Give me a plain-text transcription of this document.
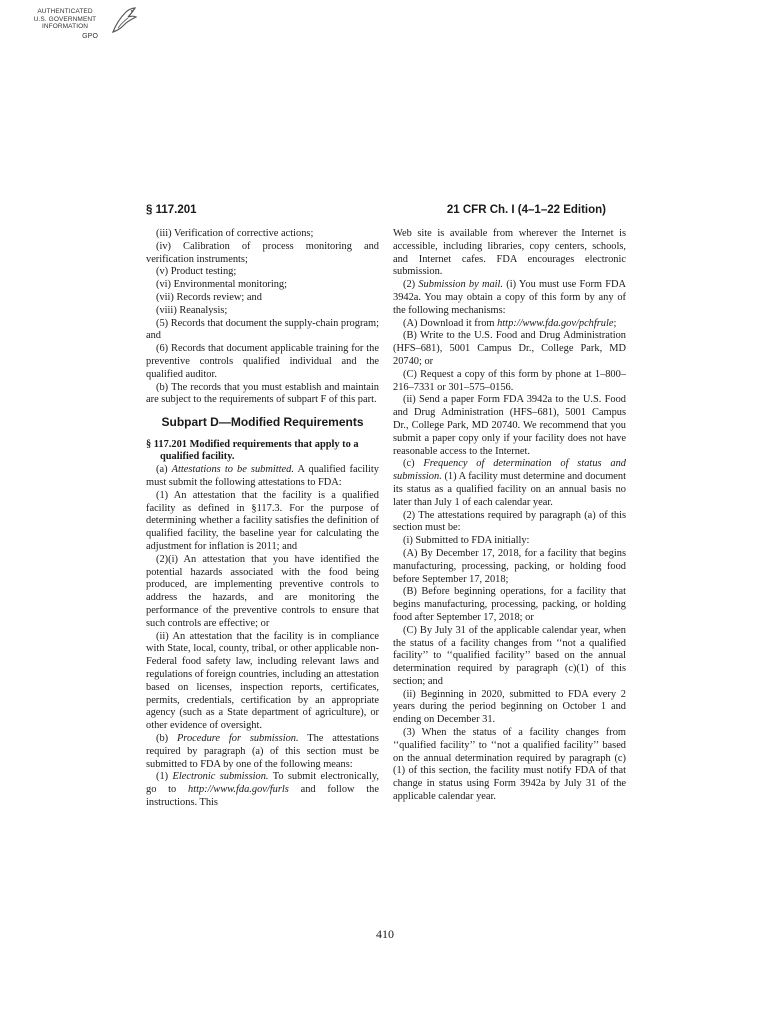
AUTHENTICATED
U.S. GOVERNMENT
INFORMATION
GPO
§ 117.201	21 CFR Ch. I (4–1–22 Edition)

(iii) Verification of corrective actions;

(iv) Calibration of process monitoring and verification instruments;

(v) Product testing;

(vi) Environmental monitoring;

(vii) Records review; and

(viii) Reanalysis;

(5) Records that document the supply-chain program; and

(6) Records that document applicable training for the preventive controls qualified individual and the qualified auditor.

(b) The records that you must establish and maintain are subject to the requirements of subpart F of this part.

Subpart D—Modified Requirements

§ 117.201 Modified requirements that apply to a qualified facility.

(a) Attestations to be submitted. A qualified facility must submit the following attestations to FDA:

(1) An attestation that the facility is a qualified facility as defined in §117.3. For the purpose of determining whether a facility satisfies the definition of qualified facility, the baseline year for calculating the adjustment for inflation is 2011; and

(2)(i) An attestation that you have identified the potential hazards associated with the food being produced, are implementing preventive controls to address the hazards, and are monitoring the performance of the preventive controls to ensure that such controls are effective; or

(ii) An attestation that the facility is in compliance with State, local, county, tribal, or other applicable non-Federal food safety law, including relevant laws and regulations of foreign countries, including an attestation based on licenses, inspection reports, certificates, permits, credentials, certification by an appropriate agency (such as a State department of agriculture), or other evidence of oversight.

(b) Procedure for submission. The attestations required by paragraph (a) of this section must be submitted to FDA by one of the following means:

(1) Electronic submission. To submit electronically, go to http://www.fda.gov/furls and follow the instructions. This

Web site is available from wherever the Internet is accessible, including libraries, copy centers, schools, and Internet cafes. FDA encourages electronic submission.

(2) Submission by mail. (i) You must use Form FDA 3942a. You may obtain a copy of this form by any of the following mechanisms:

(A) Download it from http://www.fda.gov/pchfrule;

(B) Write to the U.S. Food and Drug Administration (HFS–681), 5001 Campus Dr., College Park, MD 20740; or

(C) Request a copy of this form by phone at 1–800–216–7331 or 301–575–0156.

(ii) Send a paper Form FDA 3942a to the U.S. Food and Drug Administration (HFS–681), 5001 Campus Dr., College Park, MD 20740. We recommend that you submit a paper copy only if your facility does not have reasonable access to the Internet.

(c) Frequency of determination of status and submission. (1) A facility must determine and document its status as a qualified facility on an annual basis no later than July 1 of each calendar year.

(2) The attestations required by paragraph (a) of this section must be:

(i) Submitted to FDA initially:

(A) By December 17, 2018, for a facility that begins manufacturing, processing, packing, or holding food before September 17, 2018;

(B) Before beginning operations, for a facility that begins manufacturing, processing, packing, or holding food after September 17, 2018; or

(C) By July 31 of the applicable calendar year, when the status of a facility changes from ‘‘not a qualified facility’’ to ‘‘qualified facility’’ based on the annual determination required by paragraph (c)(1) of this section; and

(ii) Beginning in 2020, submitted to FDA every 2 years during the period beginning on October 1 and ending on December 31.

(3) When the status of a facility changes from ‘‘qualified facility’’ to ‘‘not a qualified facility’’ based on the annual determination required by paragraph (c)(1) of this section, the facility must notify FDA of that change in status using Form 3942a by July 31 of the applicable calendar year.

410
